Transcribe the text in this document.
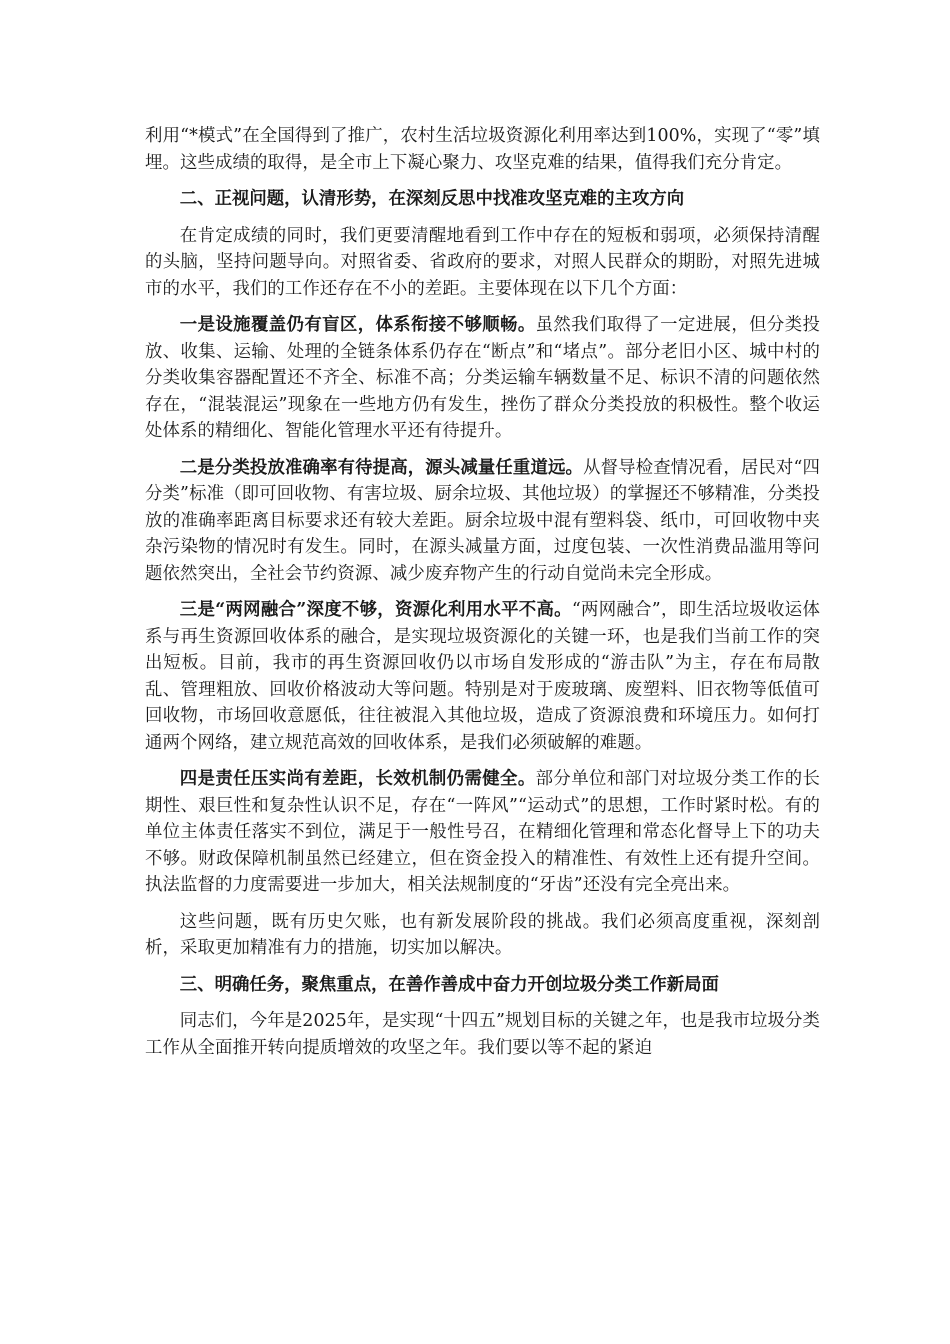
利用“*模式”在全国得到了推广，农村生活垃圾资源化利用率达到100%，实现了“零”填埋。这些成绩的取得，是全市上下凝心聚力、攻坚克难的结果，值得我们充分肯定。

二、正视问题，认清形势，在深刻反思中找准攻坚克难的主攻方向

在肯定成绩的同时，我们更要清醒地看到工作中存在的短板和弱项，必须保持清醒的头脑，坚持问题导向。对照省委、省政府的要求，对照人民群众的期盼，对照先进城市的水平，我们的工作还存在不小的差距。主要体现在以下几个方面：

一是设施覆盖仍有盲区，体系衔接不够顺畅。虽然我们取得了一定进展，但分类投放、收集、运输、处理的全链条体系仍存在“断点”和“堵点”。部分老旧小区、城中村的分类收集容器配置还不齐全、标准不高；分类运输车辆数量不足、标识不清的问题依然存在，“混装混运”现象在一些地方仍有发生，挫伤了群众分类投放的积极性。整个收运处体系的精细化、智能化管理水平还有待提升。

二是分类投放准确率有待提高，源头减量任重道远。从督导检查情况看，居民对“四分类”标准（即可回收物、有害垃圾、厨余垃圾、其他垃圾）的掌握还不够精准，分类投放的准确率距离目标要求还有较大差距。厨余垃圾中混有塑料袋、纸巾，可回收物中夹杂污染物的情况时有发生。同时，在源头减量方面，过度包装、一次性消费品滥用等问题依然突出，全社会节约资源、减少废弃物产生的行动自觉尚未完全形成。

三是“两网融合”深度不够，资源化利用水平不高。“两网融合”，即生活垃圾收运体系与再生资源回收体系的融合，是实现垃圾资源化的关键一环，也是我们当前工作的突出短板。目前，我市的再生资源回收仍以市场自发形成的“游击队”为主，存在布局散乱、管理粗放、回收价格波动大等问题。特别是对于废玻璃、废塑料、旧衣物等低值可回收物，市场回收意愿低，往往被混入其他垃圾，造成了资源浪费和环境压力。如何打通两个网络，建立规范高效的回收体系，是我们必须破解的难题。

四是责任压实尚有差距，长效机制仍需健全。部分单位和部门对垃圾分类工作的长期性、艰巨性和复杂性认识不足，存在“一阵风”“运动式”的思想，工作时紧时松。有的单位主体责任落实不到位，满足于一般性号召，在精细化管理和常态化督导上下的功夫不够。财政保障机制虽然已经建立，但在资金投入的精准性、有效性上还有提升空间。执法监督的力度需要进一步加大，相关法规制度的“牙齿”还没有完全亮出来。

这些问题，既有历史欠账，也有新发展阶段的挑战。我们必须高度重视，深刻剖析，采取更加精准有力的措施，切实加以解决。

三、明确任务，聚焦重点，在善作善成中奋力开创垃圾分类工作新局面

同志们，今年是2025年，是实现“十四五”规划目标的关键之年，也是我市垃圾分类工作从全面推开转向提质增效的攻坚之年。我们要以等不起的紧迫
